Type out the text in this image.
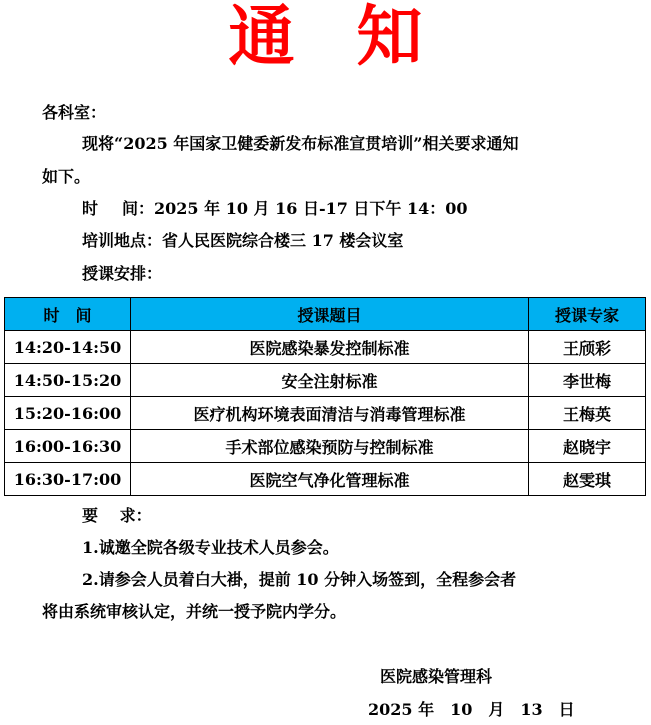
通知
各科室：
现将“2025 年国家卫健委新发布标准宣贯培训”相关要求通知
如下。
时 间：2025 年 10 月 16 日-17 日下午 14：00
培训地点：省人民医院综合楼三 17 楼会议室
授课安排：
时　间	授课题目	授课专家
14:20-14:50	医院感染暴发控制标准	王颀彩
14:50-15:20	安全注射标准	李世梅
15:20-16:00	医疗机构环境表面清洁与消毒管理标准	王梅英
16:00-16:30	手术部位感染预防与控制标准	赵晓宇
16:30-17:00	医院空气净化管理标准	赵雯琪
要　 求：
1.诚邀全院各级专业技术人员参会。
2.请参会人员着白大褂，提前 10 分钟入场签到，全程参会者
将由系统审核认定，并统一授予院内学分。
医院感染管理科
2025 年　10　月　13　日
